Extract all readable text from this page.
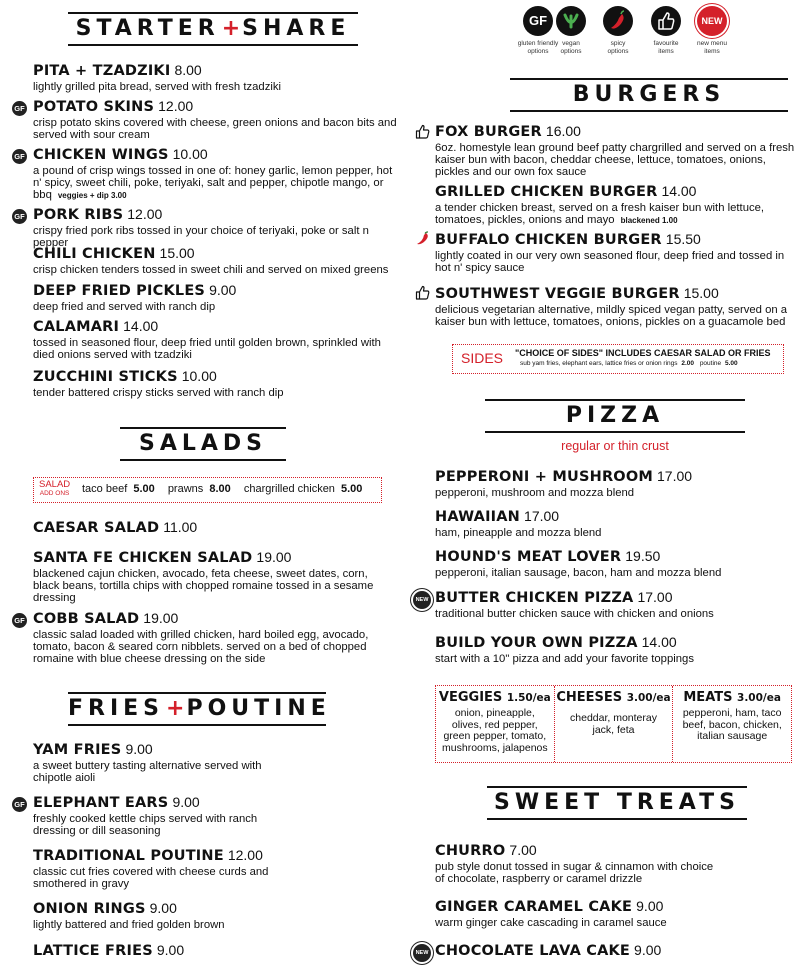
STARTER+SHARE
PITA + TZADZIKI 8.00
lightly grilled pita bread, served with fresh tzadziki
GF POTATO SKINS 12.00
crisp potato skins covered with cheese, green onions and bacon bits and served with sour cream
GF CHICKEN WINGS 10.00
a pound of crisp wings tossed in one of: honey garlic, lemon pepper, hot n' spicy, sweet chili, poke, teriyaki, salt and pepper, chipotle mango, or bbq veggies + dip 3.00
GF PORK RIBS 12.00
crispy fried pork ribs tossed in your choice of teriyaki, poke or salt n pepper
CHILI CHICKEN 15.00
crisp chicken tenders tossed in sweet chili and served on mixed greens
DEEP FRIED PICKLES 9.00
deep fried and served with ranch dip
CALAMARI 14.00
tossed in seasoned flour, deep fried until golden brown, sprinkled with died onions served with tzadziki
ZUCCHINI STICKS 10.00
tender battered crispy sticks served with ranch dip
SALADS
SALAD
ADD ONS taco beef 5.00 prawns 8.00 chargrilled chicken 5.00
CAESAR SALAD 11.00
SANTA FE CHICKEN SALAD 19.00
blackened cajun chicken, avocado, feta cheese, sweet dates, corn, black beans, tortilla chips with chopped romaine tossed in a sesame dressing
GF COBB SALAD 19.00
classic salad loaded with grilled chicken, hard boiled egg, avocado, tomato, bacon & seared corn nibblets. served on a bed of chopped romaine with blue cheese dressing on the side
FRIES+POUTINE
YAM FRIES 9.00
a sweet buttery tasting alternative served with chipotle aioli
GF ELEPHANT EARS 9.00
freshly cooked kettle chips served with ranch dressing or dill seasoning
TRADITIONAL POUTINE 12.00
classic cut fries covered with cheese curds and smothered in gravy
ONION RINGS 9.00
lightly battered and fried golden brown
LATTICE FRIES 9.00
GF
gluten friendly
options
vegan
options
spicy
options
favourite
items
NEW
new menu
items
BURGERS
FOX BURGER 16.00
6oz. homestyle lean ground beef patty chargrilled and served on a fresh kaiser bun with bacon, cheddar cheese, lettuce, tomatoes, onions, pickles and our own fox sauce
GRILLED CHICKEN BURGER 14.00
a tender chicken breast, served on a fresh kaiser bun with lettuce, tomatoes, pickles, onions and mayo blackened 1.00
BUFFALO CHICKEN BURGER 15.50
lightly coated in our very own seasoned flour, deep fried and tossed in hot n' spicy sauce
SOUTHWEST VEGGIE BURGER 15.00
delicious vegetarian alternative, mildly spiced vegan patty, served on a kaiser bun with lettuce, tomatoes, onions, pickles on a guacamole bed
SIDES "CHOICE OF SIDES" INCLUDES CAESAR SALAD OR FRIES
sub yam fries, elephant ears, lattice fries or onion rings 2.00 poutine 5.00
PIZZA
regular or thin crust
PEPPERONI + MUSHROOM 17.00
pepperoni, mushroom and mozza blend
HAWAIIAN 17.00
ham, pineapple and mozza blend
HOUND'S MEAT LOVER 19.50
pepperoni, italian sausage, bacon, ham and mozza blend
NEW BUTTER CHICKEN PIZZA 17.00
traditional butter chicken sauce with chicken and onions
BUILD YOUR OWN PIZZA 14.00
start with a 10" pizza and add your favorite toppings
VEGGIES 1.50/ea
onion, pineapple, olives, red pepper, green pepper, tomato, mushrooms, jalapenos
CHEESES 3.00/ea
cheddar, monteray jack, feta
MEATS 3.00/ea
pepperoni, ham, taco beef, bacon, chicken, italian sausage
SWEET TREATS
CHURRO 7.00
pub style donut tossed in sugar & cinnamon with choice of chocolate, raspberry or caramel drizzle
GINGER CARAMEL CAKE 9.00
warm ginger cake cascading in caramel sauce
NEW CHOCOLATE LAVA CAKE 9.00
